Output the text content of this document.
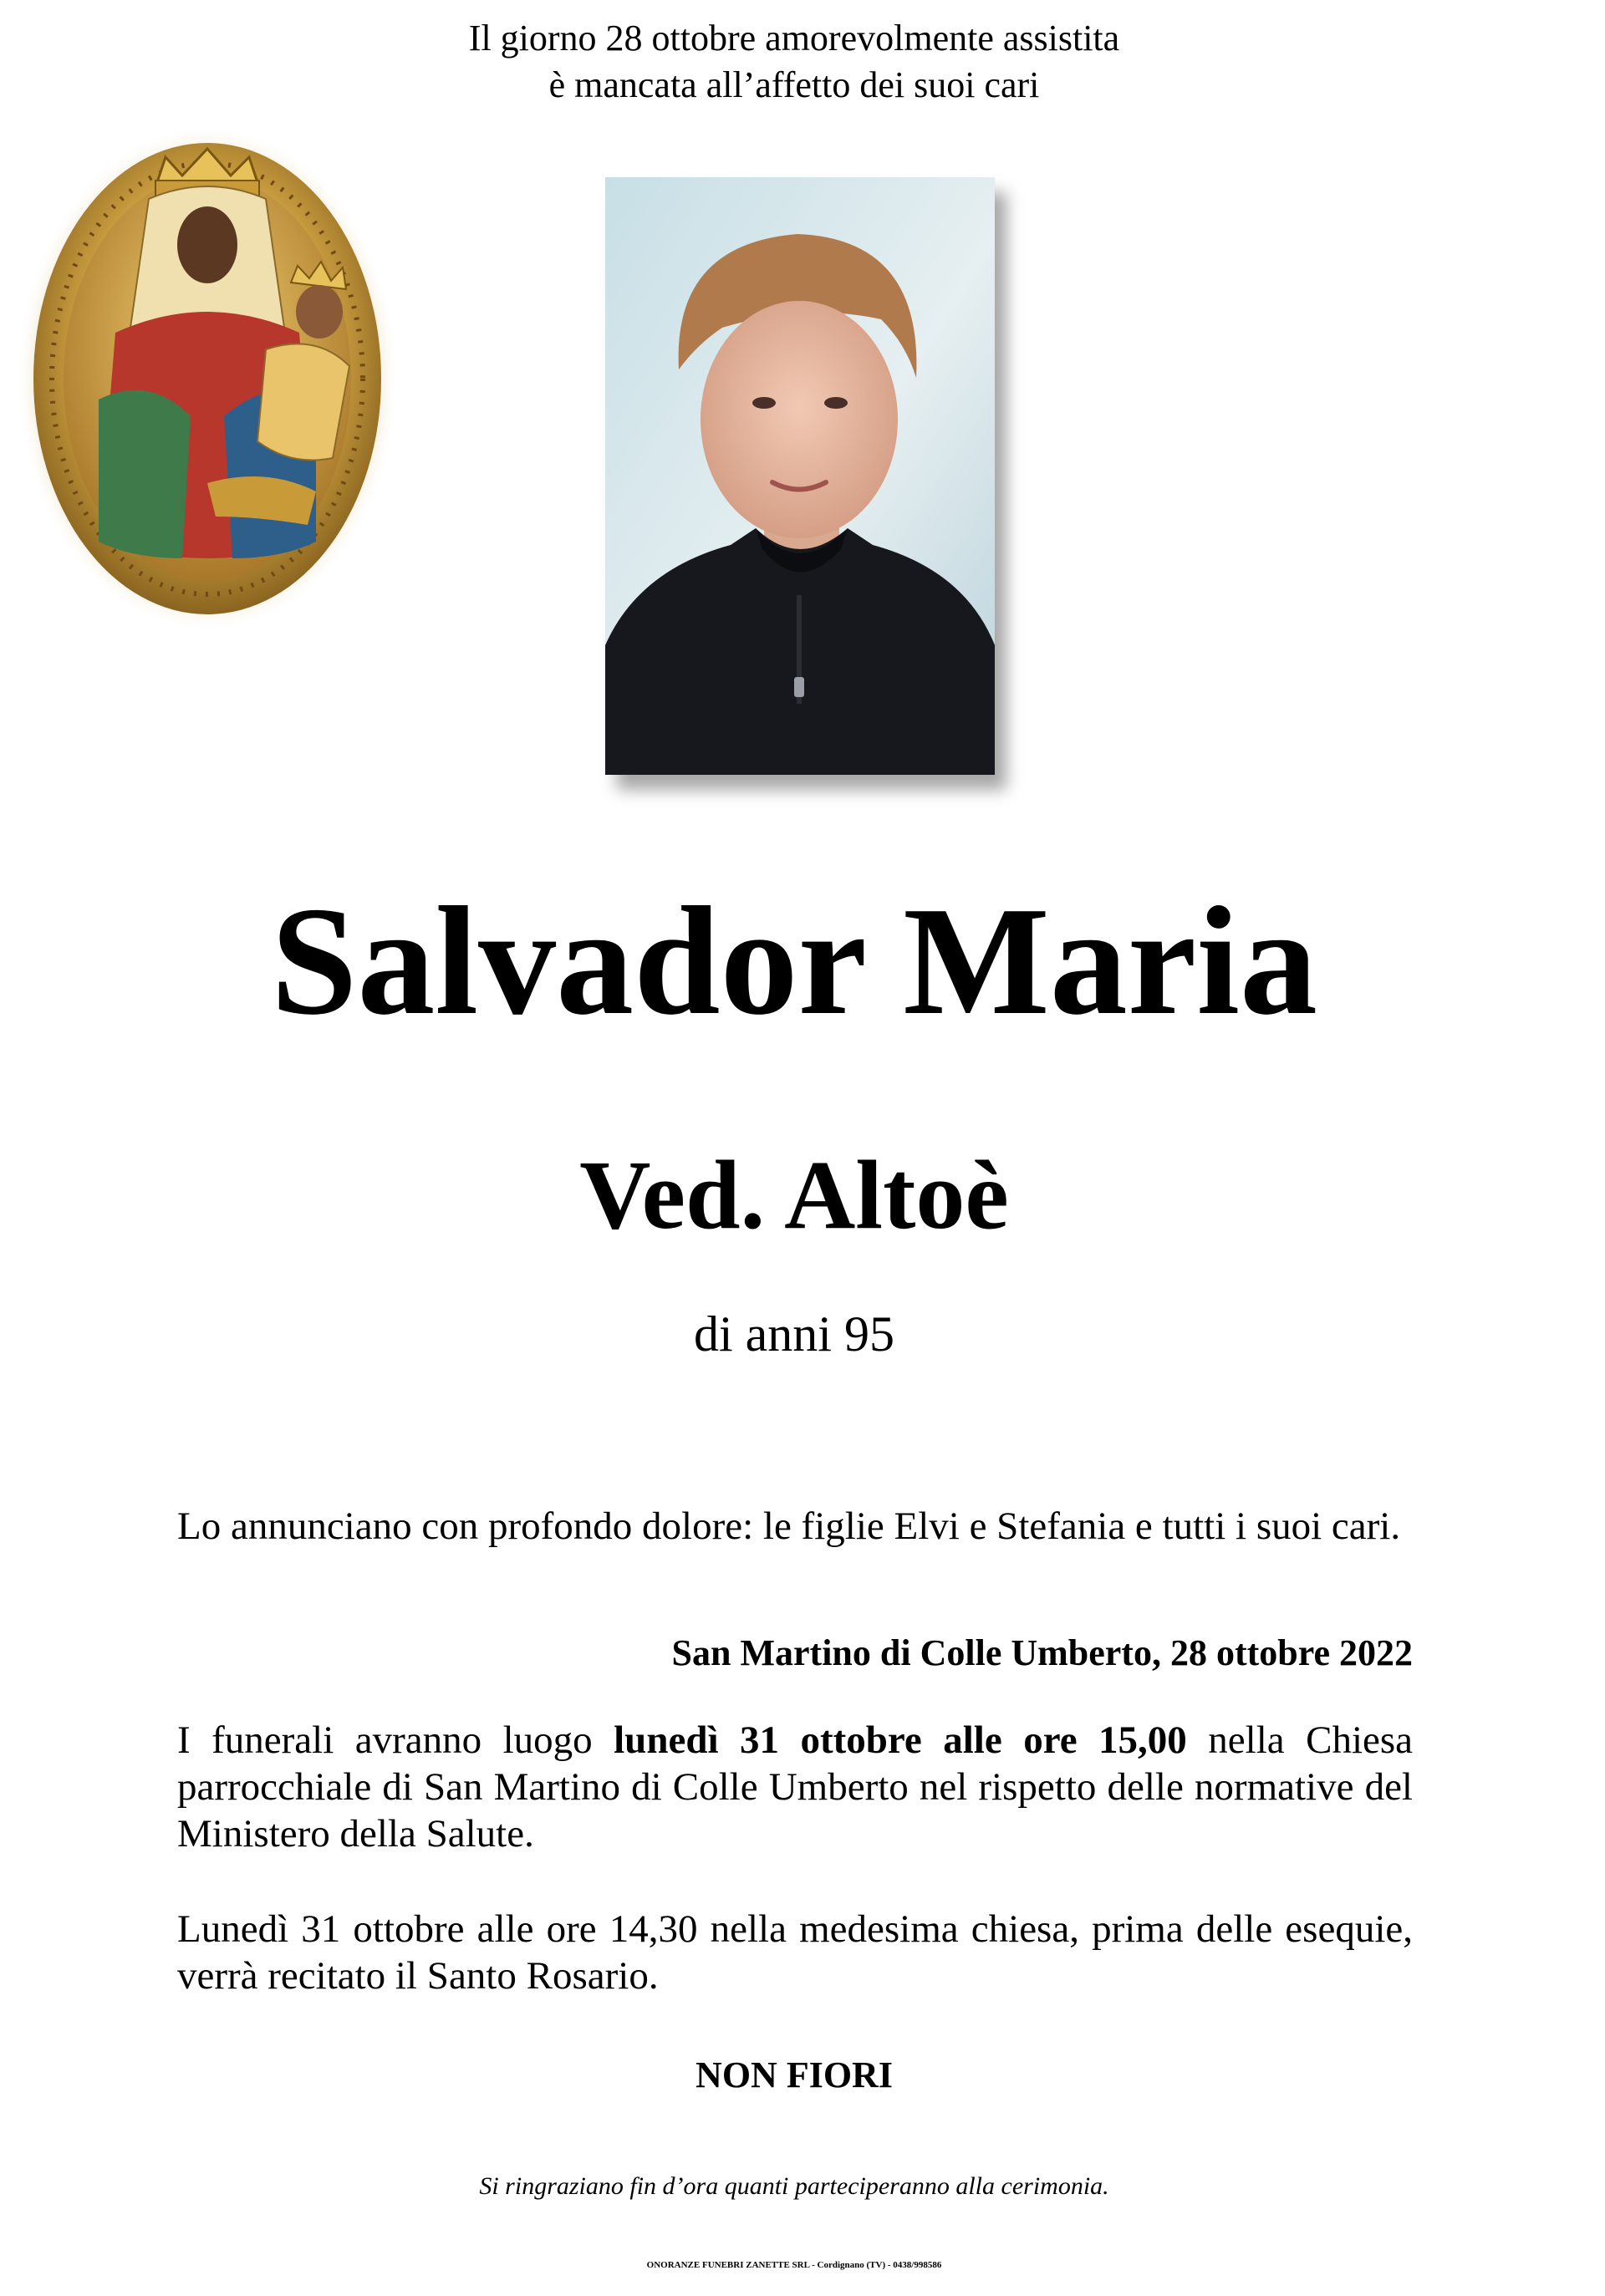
Il giorno 28 ottobre amorevolmente assistita
è mancata all’affetto dei suoi cari
Salvador Maria
Ved. Altoè
di anni 95
Lo annunciano con profondo dolore: le figlie Elvi e Stefania e tutti i suoi cari.
San Martino di Colle Umberto, 28 ottobre 2022
I funerali avranno luogo lunedì 31 ottobre alle ore 15,00 nella Chiesa parrocchiale di San Martino di Colle Umberto nel rispetto delle normative del Ministero della Salute.
Lunedì 31 ottobre alle ore 14,30 nella medesima chiesa, prima delle esequie, verrà recitato il Santo Rosario.
NON FIORI
Si ringraziano fin d’ora quanti parteciperanno alla cerimonia.
ONORANZE FUNEBRI ZANETTE SRL - Cordignano (TV) - 0438/998586
